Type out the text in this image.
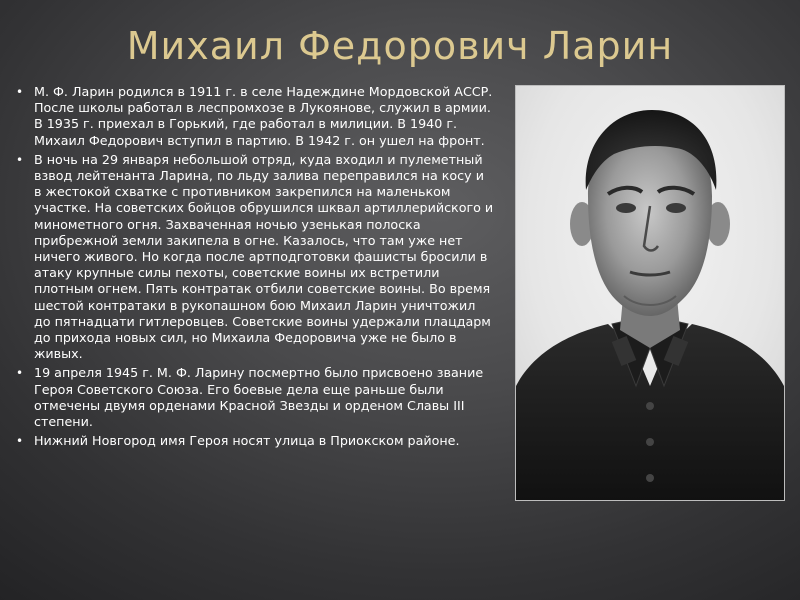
Михаил Федорович Ларин
• М. Ф. Ларин родился в 1911 г. в селе Надеждине Мордовской АССР. После школы работал в леспромхозе в Лукоянове, служил в армии. В 1935 г. приехал в Горький, где работал в милиции. В 1940 г. Михаил Федорович вступил в партию. В 1942 г. он ушел на фронт.
• В ночь на 29 января небольшой отряд, куда входил и пулеметный взвод лейтенанта Ларина, по льду залива переправился на косу и в жестокой схватке с противником закрепился на маленьком участке. На советских бойцов обрушился шквал артиллерийского и минометного огня. Захваченная ночью узенькая полоска прибрежной земли закипела в огне. Казалось, что там уже нет ничего живого. Но когда после артподготовки фашисты бросили в атаку крупные силы пехоты, советские воины их встретили плотным огнем. Пять контратак отбили советские воины. Во время шестой контратаки в рукопашном бою Михаил Ларин уничтожил до пятнадцати гитлеровцев. Советские воины удержали плацдарм до прихода новых сил, но Михаила Федоровича уже не было в живых.
• 19 апреля 1945 г. М. Ф. Ларину посмертно было присвоено звание Героя Советского Союза. Его боевые дела еще раньше были отмечены двумя орденами Красной Звезды и орденом Славы III степени.
• Нижний Новгород имя Героя носят улица в Приокском районе.
